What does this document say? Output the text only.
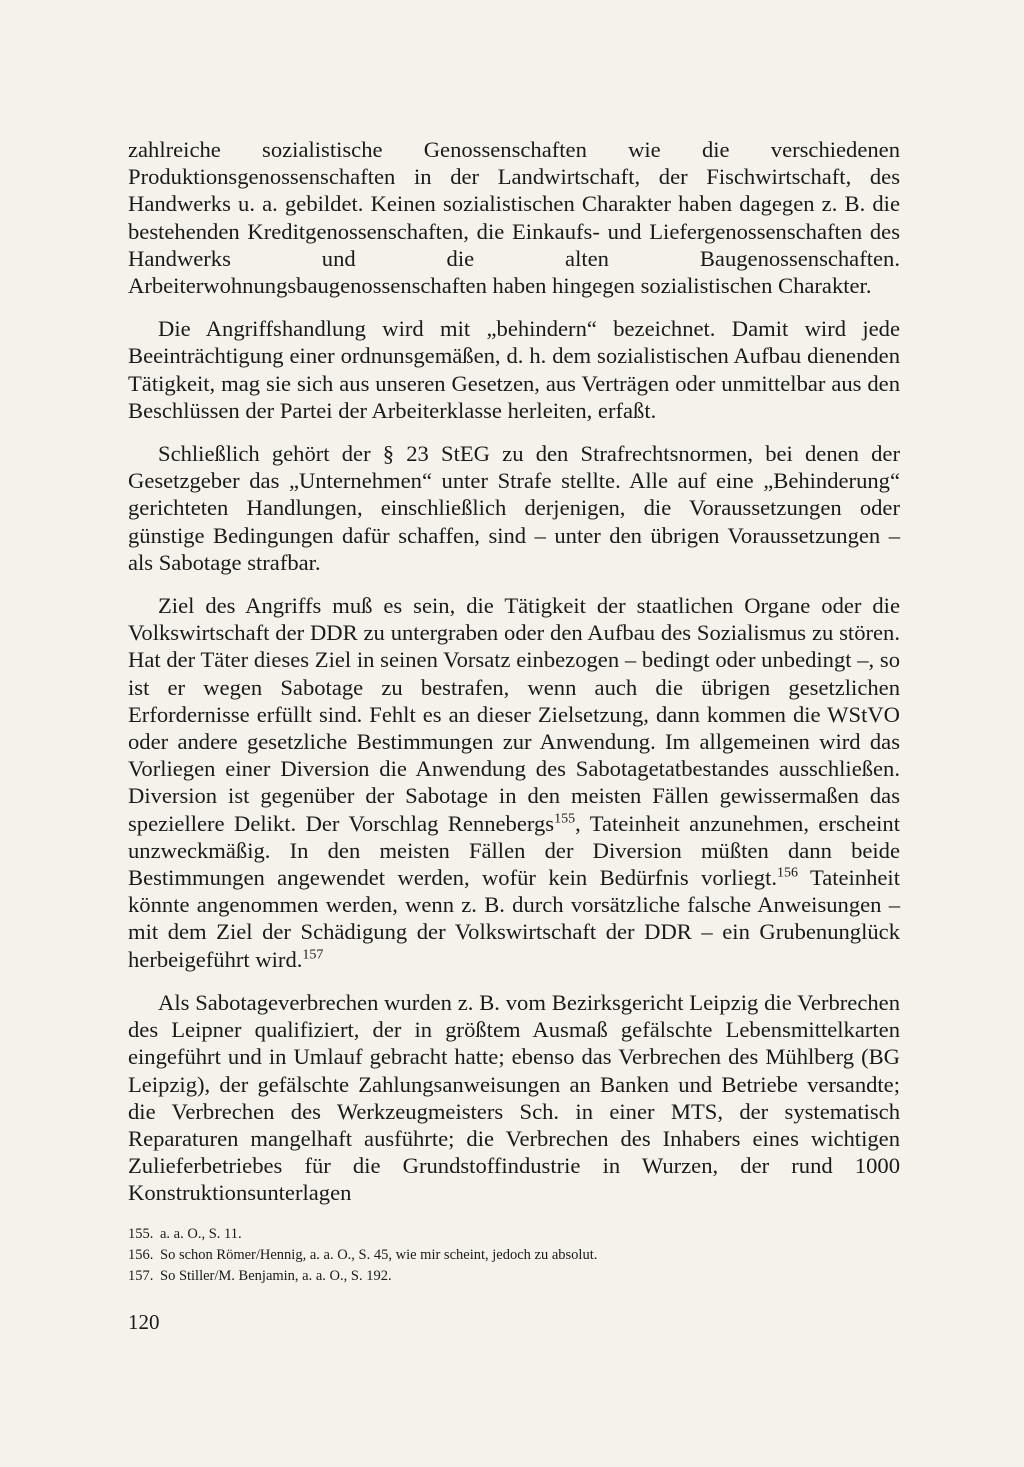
zahlreiche sozialistische Genossenschaften wie die verschiedenen Produktionsgenossenschaften in der Landwirtschaft, der Fischwirtschaft, des Handwerks u. a. gebildet. Keinen sozialistischen Charakter haben dagegen z. B. die bestehenden Kreditgenossenschaften, die Einkaufs- und Liefergenossenschaften des Handwerks und die alten Baugenossenschaften. Arbeiterwohnungsbaugenossenschaften haben hingegen sozialistischen Charakter.

Die Angriffshandlung wird mit „behindern“ bezeichnet. Damit wird jede Beeinträchtigung einer ordnunsgemäßen, d. h. dem sozialistischen Aufbau dienenden Tätigkeit, mag sie sich aus unseren Gesetzen, aus Verträgen oder unmittelbar aus den Beschlüssen der Partei der Arbeiterklasse herleiten, erfaßt.

Schließlich gehört der § 23 StEG zu den Strafrechtsnormen, bei denen der Gesetzgeber das „Unternehmen“ unter Strafe stellte. Alle auf eine „Behinderung“ gerichteten Handlungen, einschließlich derjenigen, die Voraussetzungen oder günstige Bedingungen dafür schaffen, sind – unter den übrigen Voraussetzungen – als Sabotage strafbar.

Ziel des Angriffs muß es sein, die Tätigkeit der staatlichen Organe oder die Volkswirtschaft der DDR zu untergraben oder den Aufbau des Sozialismus zu stören. Hat der Täter dieses Ziel in seinen Vorsatz einbezogen – bedingt oder unbedingt –, so ist er wegen Sabotage zu bestrafen, wenn auch die übrigen gesetzlichen Erfordernisse erfüllt sind. Fehlt es an dieser Zielsetzung, dann kommen die WStVO oder andere gesetzliche Bestimmungen zur Anwendung. Im allgemeinen wird das Vorliegen einer Diversion die Anwendung des Sabotagetatbestandes ausschließen. Diversion ist gegenüber der Sabotage in den meisten Fällen gewissermaßen das speziellere Delikt. Der Vorschlag Rennebergs$^{155}$, Tateinheit anzunehmen, erscheint unzweckmäßig. In den meisten Fällen der Diversion müßten dann beide Bestimmungen angewendet werden, wofür kein Bedürfnis vorliegt.$^{156}$ Tateinheit könnte angenommen werden, wenn z. B. durch vorsätzliche falsche Anweisungen – mit dem Ziel der Schädigung der Volkswirtschaft der DDR – ein Grubenunglück herbeigeführt wird.$^{157}$

Als Sabotageverbrechen wurden z. B. vom Bezirksgericht Leipzig die Verbrechen des Leipner qualifiziert, der in größtem Ausmaß gefälschte Lebensmittelkarten eingeführt und in Umlauf gebracht hatte; ebenso das Verbrechen des Mühlberg (BG Leipzig), der gefälschte Zahlungsanweisungen an Banken und Betriebe versandte; die Verbrechen des Werkzeugmeisters Sch. in einer MTS, der systematisch Reparaturen mangelhaft ausführte; die Verbrechen des Inhabers eines wichtigen Zulieferbetriebes für die Grundstoffindustrie in Wurzen, der rund 1000 Konstruktionsunterlagen

155. a. a. O., S. 11.

156. So schon Römer/Hennig, a. a. O., S. 45, wie mir scheint, jedoch zu absolut.

157. So Stiller/M. Benjamin, a. a. O., S. 192.

120
